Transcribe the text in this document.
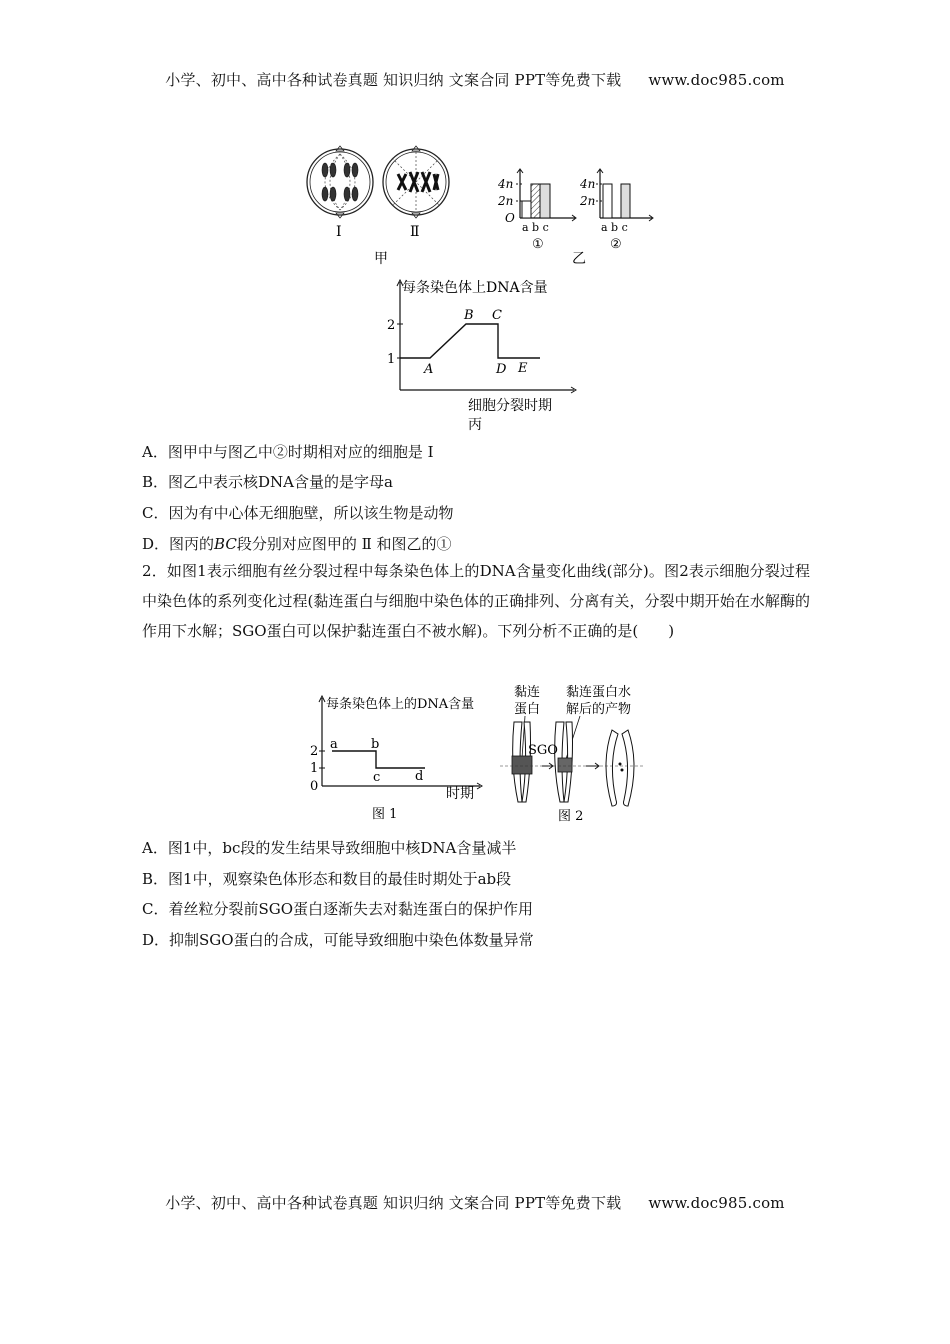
小学、初中、高中各种试卷真题 知识归纳 文案合同 PPT等免费下载 www.doc985.com
Ⅰ	Ⅱ
甲
4n
2n
O
a b c
①
4n
2n
a b c
②
乙
每条染色体上DNA含量
细胞分裂时期
丙
2
1
A
B C
D E
A．图甲中与图乙中②时期相对应的细胞是 Ⅰ
B．图乙中表示核DNA含量的是字母a
C．因为有中心体无细胞壁，所以该生物是动物
D．图丙的BC段分别对应图甲的 Ⅱ 和图乙的①
2．如图1表示细胞有丝分裂过程中每条染色体上的DNA含量变化曲线(部分)。图2表示细胞分裂过程中染色体的系列变化过程(黏连蛋白与细胞中染色体的正确排列、分离有关，分裂中期开始在水解酶的作用下水解；SGO蛋白可以保护黏连蛋白不被水解)。下列分析不正确的是(　　)
每条染色体上的DNA含量
时期
2
1
0
a	b
c	d
图 1
黏连
蛋白
黏连蛋白水
解后的产物
SGO
图 2
A．图1中，bc段的发生结果导致细胞中核DNA含量减半
B．图1中，观察染色体形态和数目的最佳时期处于ab段
C．着丝粒分裂前SGO蛋白逐渐失去对黏连蛋白的保护作用
D．抑制SGO蛋白的合成，可能导致细胞中染色体数量异常
小学、初中、高中各种试卷真题 知识归纳 文案合同 PPT等免费下载 www.doc985.com
